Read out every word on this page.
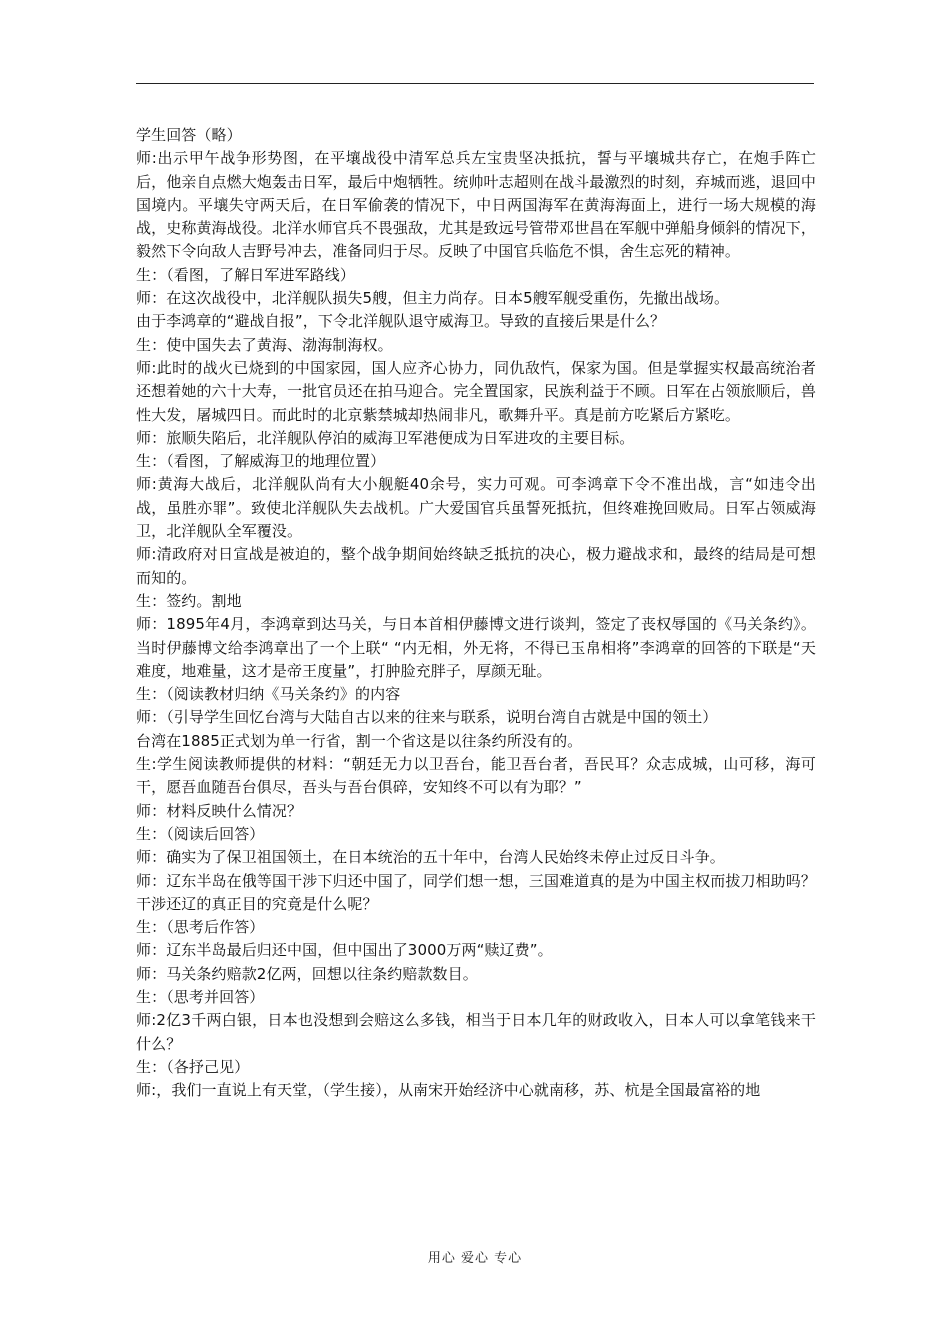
学生回答（略）

师:出示甲午战争形势图，在平壤战役中清军总兵左宝贵坚决抵抗，誓与平壤城共存亡，在炮手阵亡后，他亲自点燃大炮轰击日军，最后中炮牺牲。统帅叶志超则在战斗最激烈的时刻，弃城而逃，退回中国境内。平壤失守两天后，在日军偷袭的情况下，中日两国海军在黄海海面上，进行一场大规模的海战，史称黄海战役。北洋水师官兵不畏强敌，尤其是致远号管带邓世昌在军舰中弹船身倾斜的情况下，毅然下令向敌人吉野号冲去，准备同归于尽。反映了中国官兵临危不惧，舍生忘死的精神。

生：（看图，了解日军进军路线）

师：在这次战役中，北洋舰队损失5艘，但主力尚存。日本5艘军舰受重伤，先撤出战场。

由于李鸿章的“避战自报”，下令北洋舰队退守威海卫。导致的直接后果是什么？

生：使中国失去了黄海、渤海制海权。

师:此时的战火已烧到的中国家园，国人应齐心协力，同仇敌忾，保家为国。但是掌握实权最高统治者还想着她的六十大寿，一批官员还在拍马迎合。完全置国家，民族利益于不顾。日军在占领旅顺后，兽性大发，屠城四日。而此时的北京紫禁城却热闹非凡，歌舞升平。真是前方吃紧后方紧吃。

师：旅顺失陷后，北洋舰队停泊的威海卫军港便成为日军进攻的主要目标。

生：（看图，了解威海卫的地理位置）

师:黄海大战后，北洋舰队尚有大小舰艇40余号，实力可观。可李鸿章下令不准出战，言“如违令出战，虽胜亦罪”。致使北洋舰队失去战机。广大爱国官兵虽誓死抵抗，但终难挽回败局。日军占领威海卫，北洋舰队全军覆没。

师:清政府对日宣战是被迫的，整个战争期间始终缺乏抵抗的决心，极力避战求和，最终的结局是可想而知的。

生：签约。割地

师：1895年4月，李鸿章到达马关，与日本首相伊藤博文进行谈判，签定了丧权辱国的《马关条约》。当时伊藤博文给李鸿章出了一个上联“ “内无相，外无将，不得已玉帛相将”李鸿章的回答的下联是“天难度，地难量，这才是帝王度量”，打肿脸充胖子，厚颜无耻。

生：（阅读教材归纳《马关条约》的内容

师：（引导学生回忆台湾与大陆自古以来的往来与联系，说明台湾自古就是中国的领土）

台湾在1885正式划为单一行省，割一个省这是以往条约所没有的。

生:学生阅读教师提供的材料：“朝廷无力以卫吾台，能卫吾台者，吾民耳？众志成城，山可移，海可干，愿吾血随吾台俱尽，吾头与吾台俱碎，安知终不可以有为耶？”

师：材料反映什么情况？

生：（阅读后回答）

师：确实为了保卫祖国领土，在日本统治的五十年中，台湾人民始终未停止过反日斗争。

师：辽东半岛在俄等国干涉下归还中国了，同学们想一想，三国难道真的是为中国主权而拔刀相助吗？干涉还辽的真正目的究竟是什么呢？

生：（思考后作答）

师：辽东半岛最后归还中国，但中国出了3000万两“赎辽费”。

师：马关条约赔款2亿两，回想以往条约赔款数目。

生：（思考并回答）

师:2亿3千两白银，日本也没想到会赔这么多钱，相当于日本几年的财政收入，日本人可以拿笔钱来干什么？

生：（各抒己见）

师:，我们一直说上有天堂，（学生接），从南宋开始经济中心就南移，苏、杭是全国最富裕的地

用心 爱心 专心
